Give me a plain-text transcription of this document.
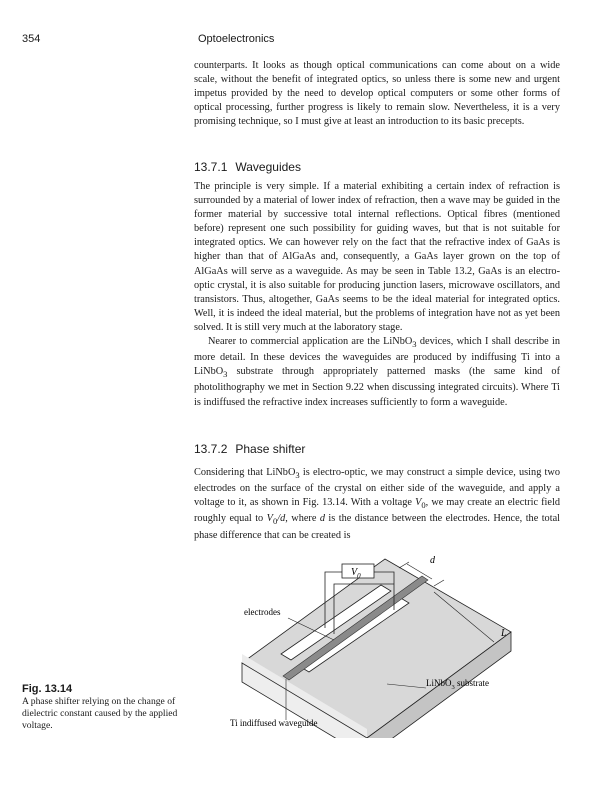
354	Optoelectronics

counterparts. It looks as though optical communications can come about on a wide scale, without the benefit of integrated optics, so unless there is some new and urgent impetus provided by the need to develop optical computers or some other forms of optical processing, further progress is likely to remain slow. Nevertheless, it is a very promising technique, so I must give at least an introduction to its basic precepts.

13.7.1 Waveguides

The principle is very simple. If a material exhibiting a certain index of refraction is surrounded by a material of lower index of refraction, then a wave may be guided in the former material by successive total internal reflections. Optical fibres (mentioned before) represent one such possibility for guiding waves, but that is not suitable for integrated optics. We can however rely on the fact that the refractive index of GaAs is higher than that of AlGaAs and, consequently, a GaAs layer grown on the top of AlGaAs will serve as a waveguide. As may be seen in Table 13.2, GaAs is an electro-optic crystal, it is also suitable for producing junction lasers, microwave oscillators, and transistors. Thus, altogether, GaAs seems to be the ideal material for integrated optics. Well, it is indeed the ideal material, but the problems of integration have not as yet been solved. It is still very much at the laboratory stage.

Nearer to commercial application are the LiNbO$_3$ devices, which I shall describe in more detail. In these devices the waveguides are produced by indiffusing Ti into a LiNbO$_3$ substrate through appropriately patterned masks (the same kind of photolithography we met in Section 9.22 when discussing integrated circuits). Where Ti is indiffused the refractive index increases sufficiently to form a waveguide.

13.7.2 Phase shifter

Considering that LiNbO$_3$ is electro-optic, we may construct a simple device, using two electrodes on the surface of the crystal on either side of the waveguide, and apply a voltage to it, as shown in Fig. 13.14. With a voltage $V_0$, we may create an electric field roughly equal to $V_0/d$, where d is the distance between the electrodes. Hence, the total phase difference that can be created is

$V_0$
d
L
electrodes
LiNbO$_3$ substrate
Ti indiffused waveguide
Fig. 13.14
A phase shifter relying on the change of dielectric constant caused by the applied voltage.
